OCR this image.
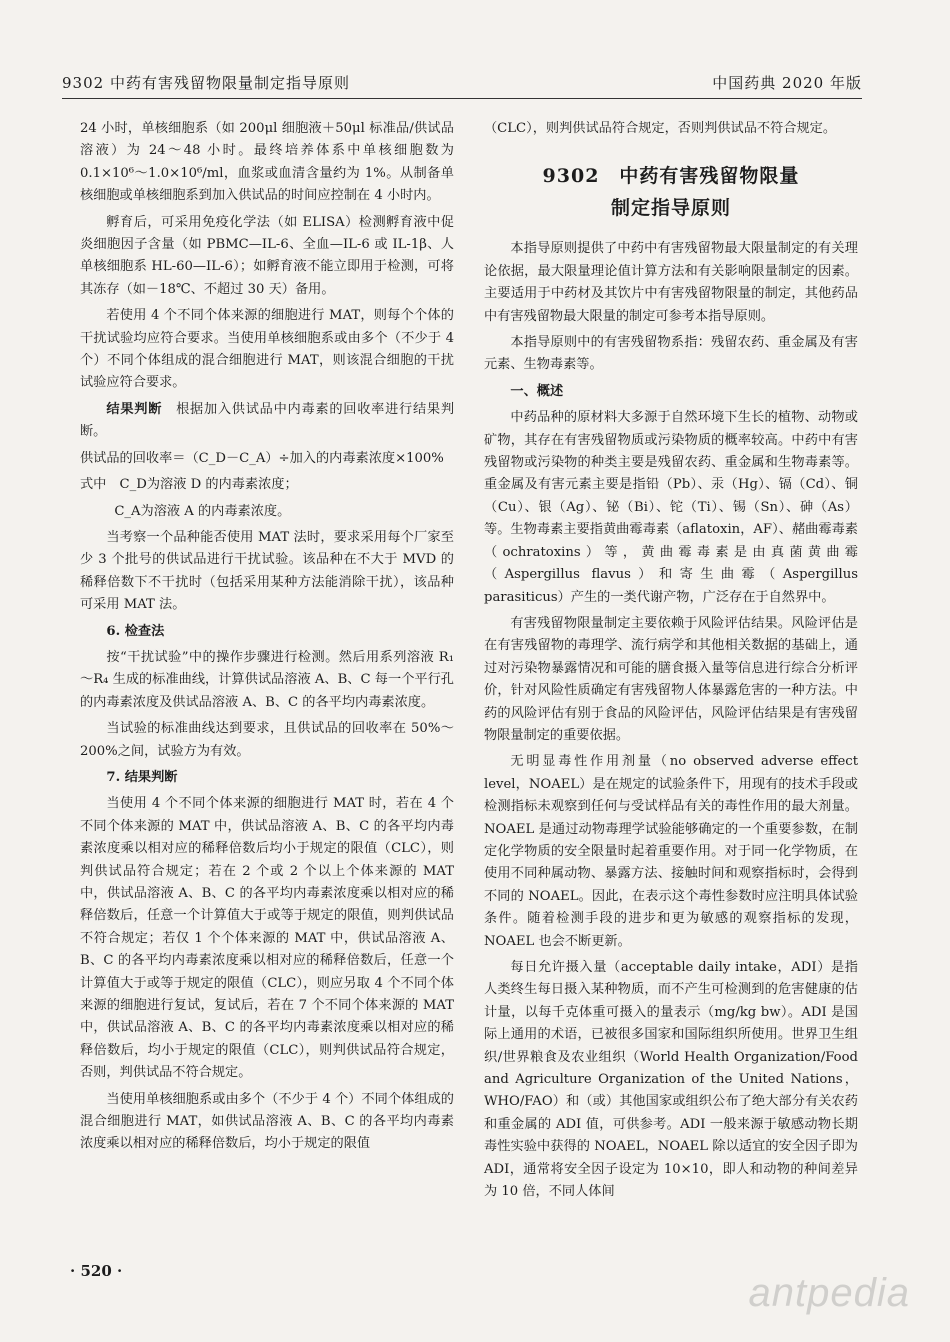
9302 中药有害残留物限量制定指导原则	中国药典 2020 年版

24 小时，单核细胞系（如 200μl 细胞液＋50μl 标准品/供试品溶液）为 24～48 小时。最终培养体系中单核细胞数为 0.1×10⁶～1.0×10⁶/ml，血浆或血清含量约为 1%。从制备单核细胞或单核细胞系到加入供试品的时间应控制在 4 小时内。

孵育后，可采用免疫化学法（如 ELISA）检测孵育液中促炎细胞因子含量（如 PBMC—IL-6、全血—IL-6 或 IL-1β、人单核细胞系 HL-60—IL-6）；如孵育液不能立即用于检测，可将其冻存（如－18℃、不超过 30 天）备用。

若使用 4 个不同个体来源的细胞进行 MAT，则每个个体的干扰试验均应符合要求。当使用单核细胞系或由多个（不少于 4 个）不同个体组成的混合细胞进行 MAT，则该混合细胞的干扰试验应符合要求。

结果判断　根据加入供试品中内毒素的回收率进行结果判断。

供试品的回收率＝（C_D－C_A）÷加入的内毒素浓度×100%

式中　C_D为溶液 D 的内毒素浓度；

C_A为溶液 A 的内毒素浓度。

当考察一个品种能否使用 MAT 法时，要求采用每个厂家至少 3 个批号的供试品进行干扰试验。该品种在不大于 MVD 的稀释倍数下不干扰时（包括采用某种方法能消除干扰），该品种可采用 MAT 法。

6. 检查法

按“干扰试验”中的操作步骤进行检测。然后用系列溶液 R₁～R₄ 生成的标准曲线，计算供试品溶液 A、B、C 每一个平行孔的内毒素浓度及供试品溶液 A、B、C 的各平均内毒素浓度。

当试验的标准曲线达到要求，且供试品的回收率在 50%～200%之间，试验方为有效。

7. 结果判断

当使用 4 个不同个体来源的细胞进行 MAT 时，若在 4 个不同个体来源的 MAT 中，供试品溶液 A、B、C 的各平均内毒素浓度乘以相对应的稀释倍数后均小于规定的限值（CLC），则判供试品符合规定；若在 2 个或 2 个以上个体来源的 MAT 中，供试品溶液 A、B、C 的各平均内毒素浓度乘以相对应的稀释倍数后，任意一个计算值大于或等于规定的限值，则判供试品不符合规定；若仅 1 个个体来源的 MAT 中，供试品溶液 A、B、C 的各平均内毒素浓度乘以相对应的稀释倍数后，任意一个计算值大于或等于规定的限值（CLC），则应另取 4 个不同个体来源的细胞进行复试，复试后，若在 7 个不同个体来源的 MAT 中，供试品溶液 A、B、C 的各平均内毒素浓度乘以相对应的稀释倍数后，均小于规定的限值（CLC），则判供试品符合规定，否则，判供试品不符合规定。

当使用单核细胞系或由多个（不少于 4 个）不同个体组成的混合细胞进行 MAT，如供试品溶液 A、B、C 的各平均内毒素浓度乘以相对应的稀释倍数后，均小于规定的限值

（CLC），则判供试品符合规定，否则判供试品不符合规定。

9302　中药有害残留物限量
制定指导原则

本指导原则提供了中药中有害残留物最大限量制定的有关理论依据，最大限量理论值计算方法和有关影响限量制定的因素。主要适用于中药材及其饮片中有害残留物限量的制定，其他药品中有害残留物最大限量的制定可参考本指导原则。

本指导原则中的有害残留物系指：残留农药、重金属及有害元素、生物毒素等。

一、概述

中药品种的原材料大多源于自然环境下生长的植物、动物或矿物，其存在有害残留物质或污染物质的概率较高。中药中有害残留物或污染物的种类主要是残留农药、重金属和生物毒素等。重金属及有害元素主要是指铅（Pb）、汞（Hg）、镉（Cd）、铜（Cu）、银（Ag）、铋（Bi）、铊（Ti）、锡（Sn）、砷（As）等。生物毒素主要指黄曲霉毒素（aflatoxin，AF）、赭曲霉毒素（ochratoxins）等，黄曲霉毒素是由真菌黄曲霉（Aspergillus flavus）和寄生曲霉（Aspergillus parasiticus）产生的一类代谢产物，广泛存在于自然界中。

有害残留物限量制定主要依赖于风险评估结果。风险评估是在有害残留物的毒理学、流行病学和其他相关数据的基础上，通过对污染物暴露情况和可能的膳食摄入量等信息进行综合分析评价，针对风险性质确定有害残留物人体暴露危害的一种方法。中药的风险评估有别于食品的风险评估，风险评估结果是有害残留物限量制定的重要依据。

无明显毒性作用剂量（no observed adverse effect level，NOAEL）是在规定的试验条件下，用现有的技术手段或检测指标未观察到任何与受试样品有关的毒性作用的最大剂量。NOAEL 是通过动物毒理学试验能够确定的一个重要参数，在制定化学物质的安全限量时起着重要作用。对于同一化学物质，在使用不同种属动物、暴露方法、接触时间和观察指标时，会得到不同的 NOAEL。因此，在表示这个毒性参数时应注明具体试验条件。随着检测手段的进步和更为敏感的观察指标的发现，NOAEL 也会不断更新。

每日允许摄入量（acceptable daily intake，ADI）是指人类终生每日摄入某种物质，而不产生可检测到的危害健康的估计量，以每千克体重可摄入的量表示（mg/kg bw）。ADI 是国际上通用的术语，已被很多国家和国际组织所使用。世界卫生组织/世界粮食及农业组织（World Health Organization/Food and Agriculture Organization of the United Nations，WHO/FAO）和（或）其他国家或组织公布了绝大部分有关农药和重金属的 ADI 值，可供参考。ADI 一般来源于敏感动物长期毒性实验中获得的 NOAEL，NOAEL 除以适宜的安全因子即为 ADI，通常将安全因子设定为 10×10，即人和动物的种间差异为 10 倍，不同人体间

· 520 ·	antpedia
